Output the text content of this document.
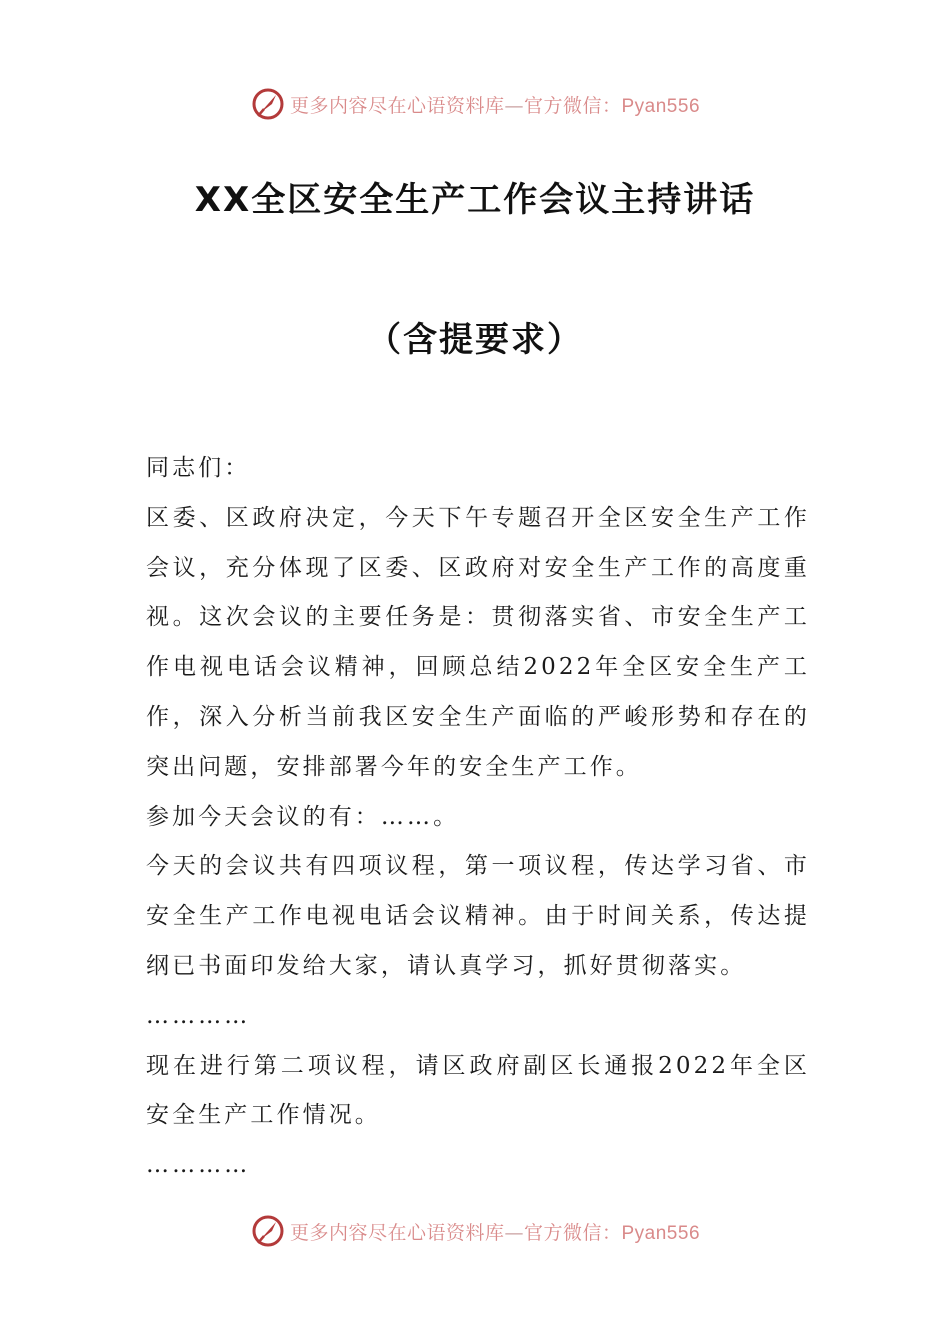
更多内容尽在心语资料库—官方微信：Pyan556
XX全区安全生产工作会议主持讲话
（含提要求）

同志们：

区委、区政府决定，今天下午专题召开全区安全生产工作会议，充分体现了区委、区政府对安全生产工作的高度重视。这次会议的主要任务是：贯彻落实省、市安全生产工作电视电话会议精神，回顾总结2022年全区安全生产工作，深入分析当前我区安全生产面临的严峻形势和存在的突出问题，安排部署今年的安全生产工作。

参加今天会议的有：……。

今天的会议共有四项议程，第一项议程，传达学习省、市安全生产工作电视电话会议精神。由于时间关系，传达提纲已书面印发给大家，请认真学习，抓好贯彻落实。

…………

现在进行第二项议程，请区政府副区长通报2022年全区安全生产工作情况。

…………

更多内容尽在心语资料库—官方微信：Pyan556
